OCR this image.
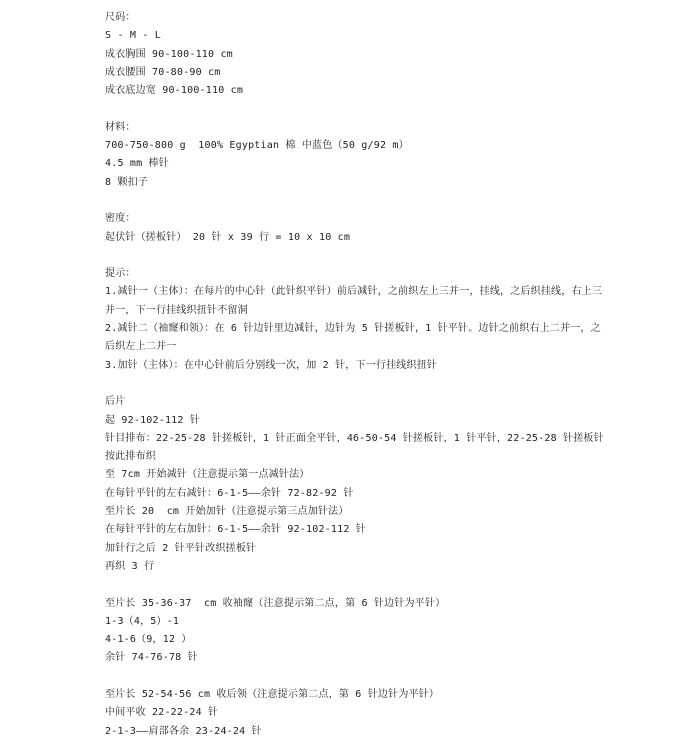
尺码：

S - M - L

成衣胸围 90-100-110 cm

成衣腰围 70-80-90 cm

成衣底边宽 90-100-110 cm

材料：

700-750-800 g  100% Egyptian 棉 中蓝色（50 g/92 m）

4.5 mm 棒针

8 颗扣子

密度：

起伏针（搓板针） 20 针 x 39 行 = 10 x 10 cm

提示：

1.减针一（主体）：在每片的中心针（此针织平针）前后减针，之前织左上三并一，挂线，之后织挂线，右上三并一，下一行挂线织扭针不留洞

2.减针二（袖窿和领）：在 6 针边针里边减针，边针为 5 针搓板针，1 针平针。边针之前织右上二并一，之后织左上二并一

3.加针（主体）：在中心针前后分别线一次，加 2 针，下一行挂线织扭针

后片

起 92-102-112 针

针目排布：22-25-28 针搓板针，1 针正面全平针，46-50-54 针搓板针，1 针平针，22-25-28 针搓板针

按此排布织

至 7cm 开始减针（注意提示第一点减针法）

在每针平针的左右减针：6-1-5——余针 72-82-92 针

至片长 20  cm 开始加针（注意提示第三点加针法）

在每针平针的左右加针：6-1-5——余针 92-102-112 针

加针行之后 2 针平针改织搓板针

再织 3 行

至片长 35-36-37  cm 收袖窿（注意提示第二点，第 6 针边针为平针）

1-3（4，5）-1

4-1-6（9，12 ）

余针 74-76-78 针

至片长 52-54-56 cm 收后领（注意提示第二点，第 6 针边针为平针）

中间平收 22-22-24 针

2-1-3——肩部各余 23-24-24 针
